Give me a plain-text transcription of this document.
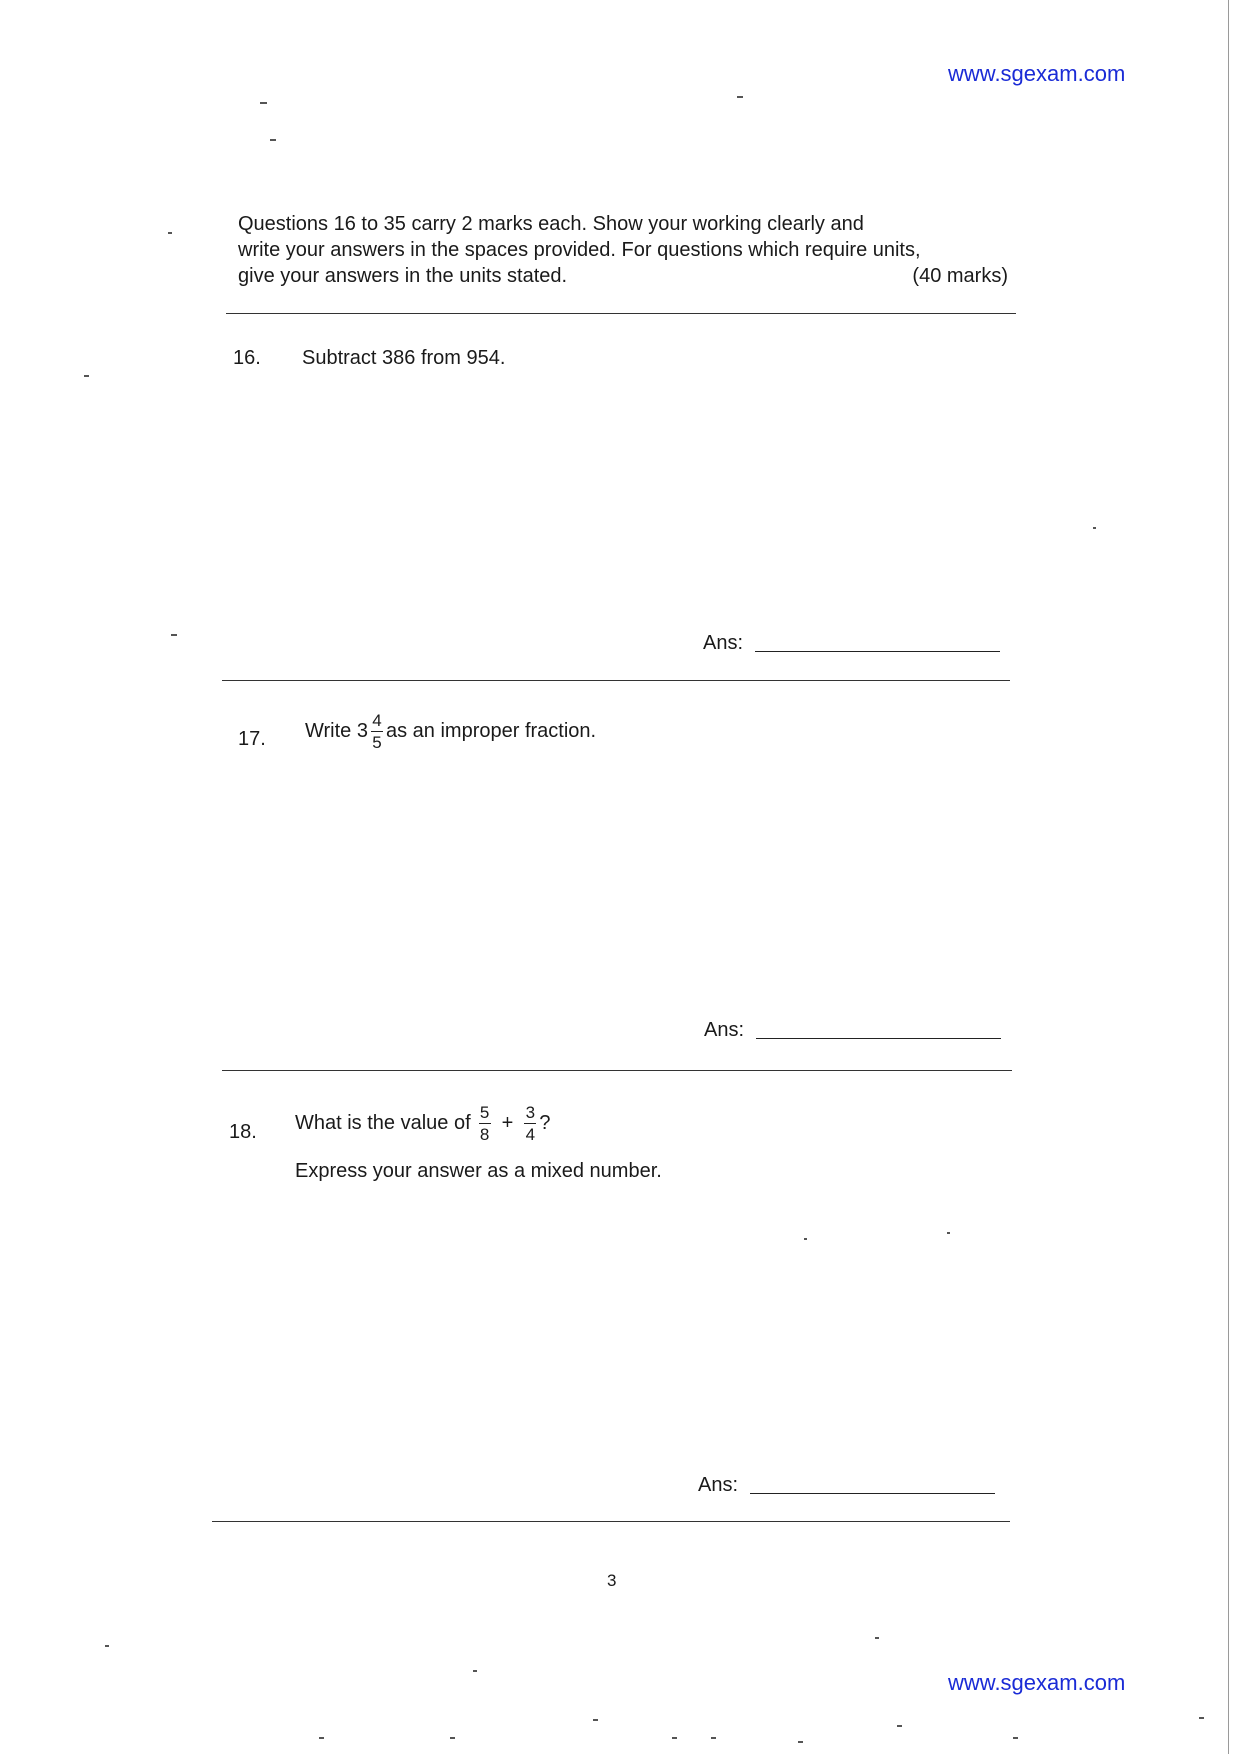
www.sgexam.com
Questions 16 to 35 carry 2 marks each. Show your working clearly and
write your answers in the spaces provided. For questions which require units,
give your answers in the units stated.	(40 marks)
16. Subtract 386 from 954.
Ans:
17. Write $3 \frac{4}{5}$ as an improper fraction.
Ans:
18. What is the value of $\frac{5}{8} + \frac{3}{4}$ ?
Express your answer as a mixed number.
Ans:
3
www.sgexam.com
